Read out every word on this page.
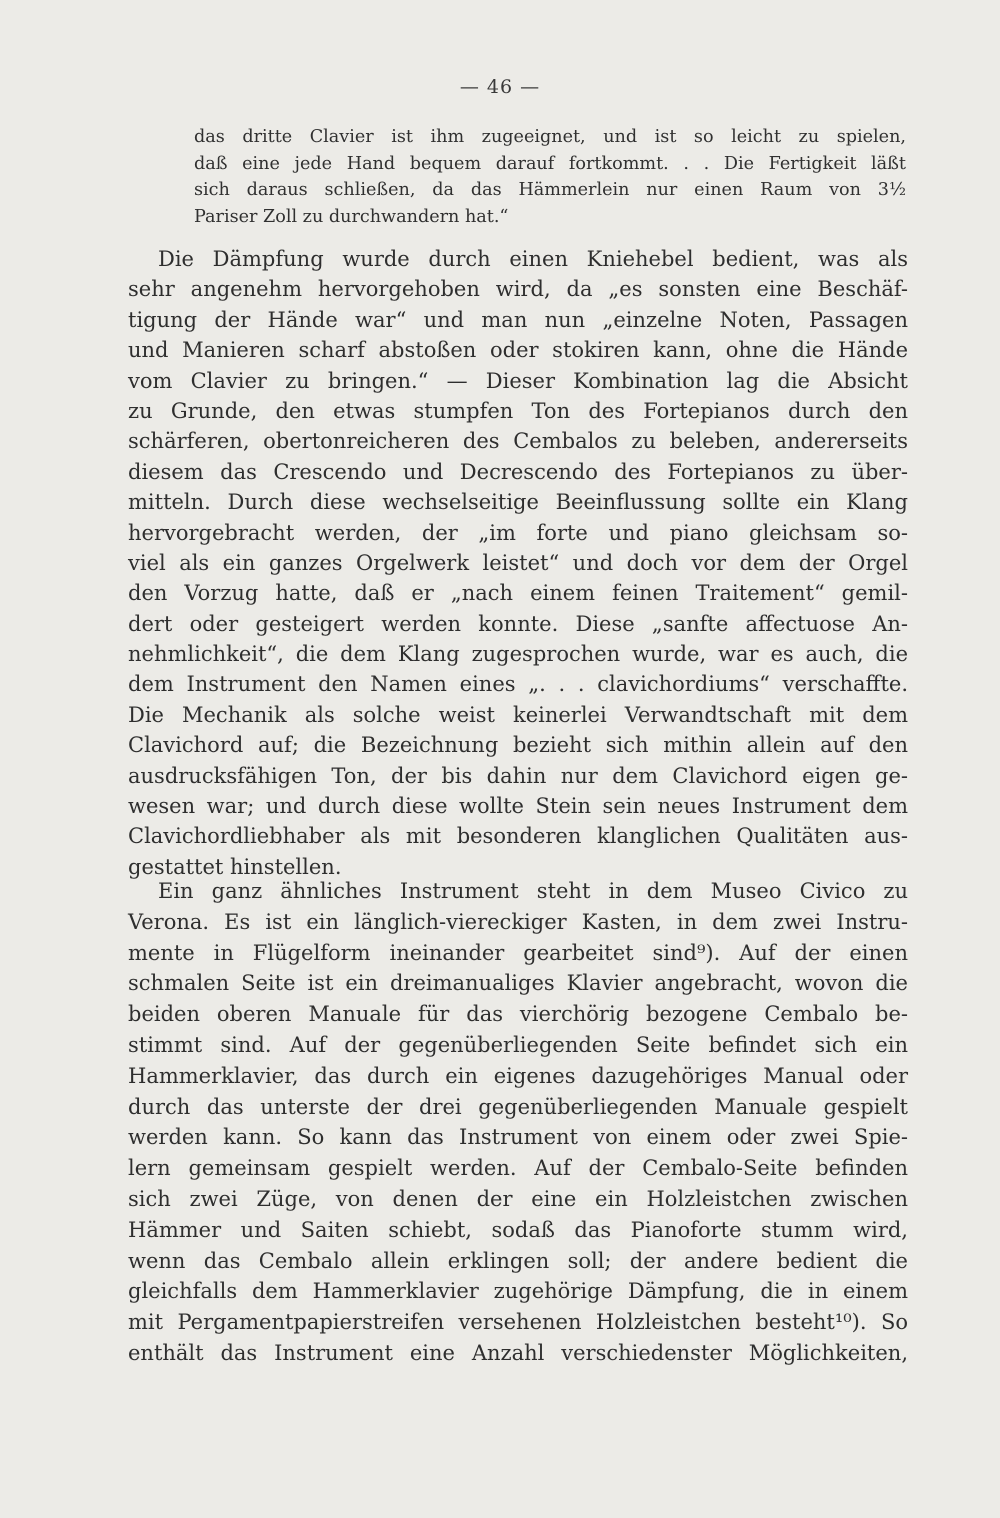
— 46 —
das dritte Clavier ist ihm zugeeignet, und ist so leicht zu spielen,
daß eine jede Hand bequem darauf fortkommt. . . Die Fertigkeit läßt
sich daraus schließen, da das Hämmerlein nur einen Raum von 3½
Pariser Zoll zu durchwandern hat.“
Die Dämpfung wurde durch einen Kniehebel bedient, was als
sehr angenehm hervorgehoben wird, da „es sonsten eine Beschäf-
tigung der Hände war“ und man nun „einzelne Noten, Passagen
und Manieren scharf abstoßen oder stokiren kann, ohne die Hände
vom Clavier zu bringen.“ — Dieser Kombination lag die Absicht
zu Grunde, den etwas stumpfen Ton des Fortepianos durch den
schärferen, obertonreicheren des Cembalos zu beleben, andererseits
diesem das Crescendo und Decrescendo des Fortepianos zu über-
mitteln. Durch diese wechselseitige Beeinflussung sollte ein Klang
hervorgebracht werden, der „im forte und piano gleichsam so-
viel als ein ganzes Orgelwerk leistet“ und doch vor dem der Orgel
den Vorzug hatte, daß er „nach einem feinen Traitement“ gemil-
dert oder gesteigert werden konnte. Diese „sanfte affectuose An-
nehmlichkeit“, die dem Klang zugesprochen wurde, war es auch, die
dem Instrument den Namen eines „. . . clavichordiums“ verschaffte.
Die Mechanik als solche weist keinerlei Verwandtschaft mit dem
Clavichord auf; die Bezeichnung bezieht sich mithin allein auf den
ausdrucksfähigen Ton, der bis dahin nur dem Clavichord eigen ge-
wesen war; und durch diese wollte Stein sein neues Instrument dem
Clavichordliebhaber als mit besonderen klanglichen Qualitäten aus-
gestattet hinstellen.
Ein ganz ähnliches Instrument steht in dem Museo Civico zu
Verona. Es ist ein länglich-viereckiger Kasten, in dem zwei Instru-
mente in Flügelform ineinander gearbeitet sind⁹). Auf der einen
schmalen Seite ist ein dreimanualiges Klavier angebracht, wovon die
beiden oberen Manuale für das vierchörig bezogene Cembalo be-
stimmt sind. Auf der gegenüberliegenden Seite befindet sich ein
Hammerklavier, das durch ein eigenes dazugehöriges Manual oder
durch das unterste der drei gegenüberliegenden Manuale gespielt
werden kann. So kann das Instrument von einem oder zwei Spie-
lern gemeinsam gespielt werden. Auf der Cembalo-Seite befinden
sich zwei Züge, von denen der eine ein Holzleistchen zwischen
Hämmer und Saiten schiebt, sodaß das Pianoforte stumm wird,
wenn das Cembalo allein erklingen soll; der andere bedient die
gleichfalls dem Hammerklavier zugehörige Dämpfung, die in einem
mit Pergamentpapierstreifen versehenen Holzleistchen besteht¹⁰). So
enthält das Instrument eine Anzahl verschiedenster Möglichkeiten,
